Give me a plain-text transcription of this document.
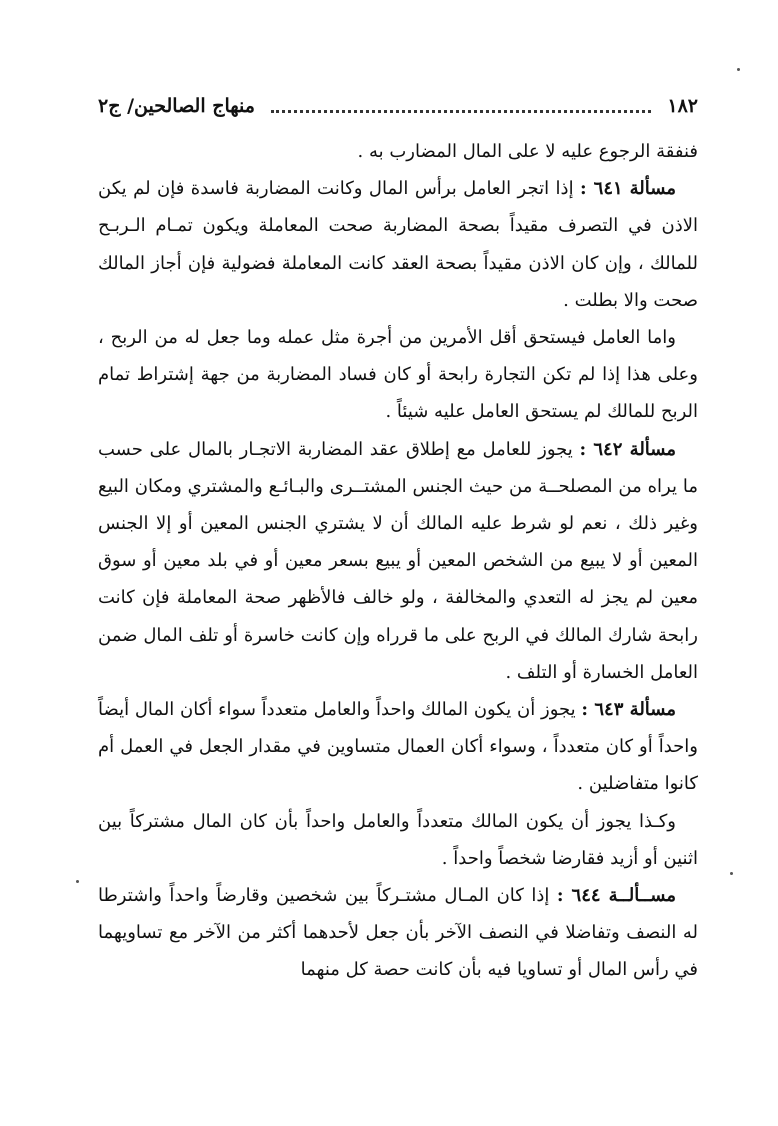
١٨٢
منهاج الصالحين/ ج٢

فنفقة الرجوع عليه لا على المال المضارب به .

مسألة ٦٤١ : إذا اتجر العامل برأس المال وكانت المضاربة فاسدة فإن لم يكن الاذن في التصرف مقيداً بصحة المضاربة صحت المعاملة ويكون تمـام الـربـح للمالك ، وإن كان الاذن مقيداً بصحة العقد كانت المعاملة فضولية فإن أجاز المالك صحت والا بطلت .

واما العامل فيستحق أقل الأمرين من أجرة مثل عمله وما جعل له من الربح ، وعلى هذا إذا لم تكن التجارة رابحة أو كان فساد المضاربة من جهة إشتراط تمام الربح للمالك لم يستحق العامل عليه شيئاً .

مسألة ٦٤٢ : يجوز للعامل مع إطلاق عقد المضاربة الاتجـار بالمال على حسب ما يراه من المصلحــة من حيث الجنس المشتــرى والبـائـع والمشتري ومكان البيع وغير ذلك ، نعم لو شرط عليه المالك أن لا يشتري الجنس المعين أو إلا الجنس المعين أو لا يبيع من الشخص المعين أو يبيع بسعر معين أو في بلد معين أو سوق معين لم يجز له التعدي والمخالفة ، ولو خالف فالأظهر صحة المعاملة فإن كانت رابحة شارك المالك في الربح على ما قرراه وإن كانت خاسرة أو تلف المال ضمن العامل الخسارة أو التلف .

مسألة ٦٤٣ : يجوز أن يكون المالك واحداً والعامل متعدداً سواء أكان المال أيضاً واحداً أو كان متعدداً ، وسواء أكان العمال متساوين في مقدار الجعل في العمل أم كانوا متفاضلين .

وكـذا يجوز أن يكون المالك متعدداً والعامل واحداً بأن كان المال مشتركاً بين اثنين أو أزيد فقارضا شخصاً واحداً .

مســألــة ٦٤٤ : إذا كان المـال مشتـركاً بين شخصين وقارضاً واحداً واشترطا له النصف وتفاضلا في النصف الآخر بأن جعل لأحدهما أكثر من الآخر مع تساويهما في رأس المال أو تساويا فيه بأن كانت حصة كل منهما
